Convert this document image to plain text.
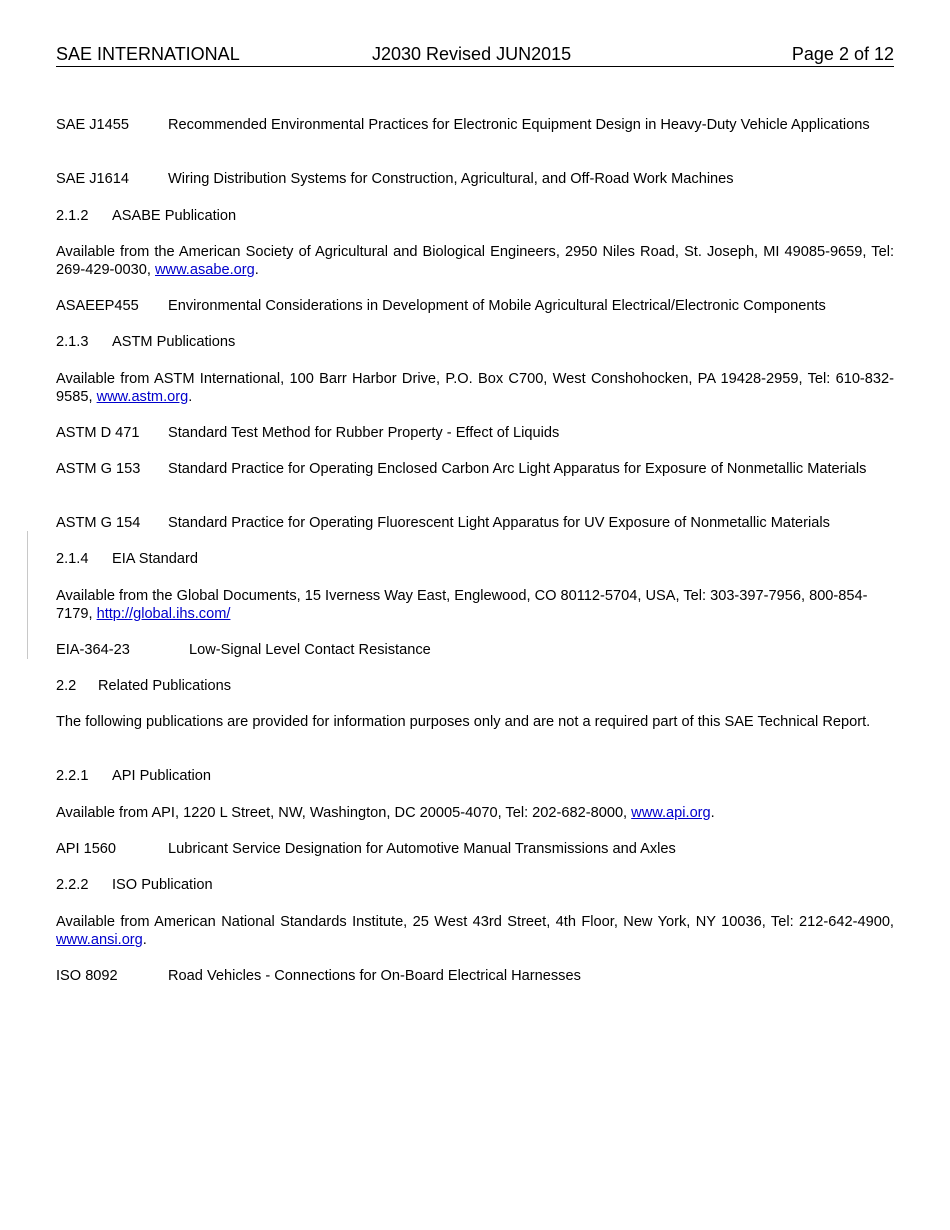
SAE INTERNATIONAL	J2030 Revised JUN2015	Page 2 of 12
SAE J1455	Recommended Environmental Practices for Electronic Equipment Design in Heavy-Duty Vehicle Applications
SAE J1614	Wiring Distribution Systems for Construction, Agricultural, and Off-Road Work Machines
2.1.2 ASABE Publication
Available from the American Society of Agricultural and Biological Engineers, 2950 Niles Road, St. Joseph, MI 49085-9659, Tel: 269-429-0030, www.asabe.org.
ASAEEP455 Environmental Considerations in Development of Mobile Agricultural Electrical/Electronic Components
2.1.3 ASTM Publications
Available from ASTM International, 100 Barr Harbor Drive, P.O. Box C700, West Conshohocken, PA 19428-2959, Tel: 610-832-9585, www.astm.org.
ASTM D 471 Standard Test Method for Rubber Property - Effect of Liquids
ASTM G 153 Standard Practice for Operating Enclosed Carbon Arc Light Apparatus for Exposure of Nonmetallic Materials
ASTM G 154 Standard Practice for Operating Fluorescent Light Apparatus for UV Exposure of Nonmetallic Materials
2.1.4 EIA Standard
Available from the Global Documents, 15 Iverness Way East, Englewood, CO 80112-5704, USA, Tel: 303-397-7956, 800-854-7179, http://global.ihs.com/
EIA-364-23	Low-Signal Level Contact Resistance
2.2 Related Publications
The following publications are provided for information purposes only and are not a required part of this SAE Technical Report.
2.2.1 API Publication
Available from API, 1220 L Street, NW, Washington, DC 20005-4070, Tel: 202-682-8000, www.api.org.
API 1560	Lubricant Service Designation for Automotive Manual Transmissions and Axles
2.2.2 ISO Publication
Available from American National Standards Institute, 25 West 43rd Street, 4th Floor, New York, NY 10036, Tel: 212-642-4900, www.ansi.org.
ISO 8092	Road Vehicles - Connections for On-Board Electrical Harnesses
